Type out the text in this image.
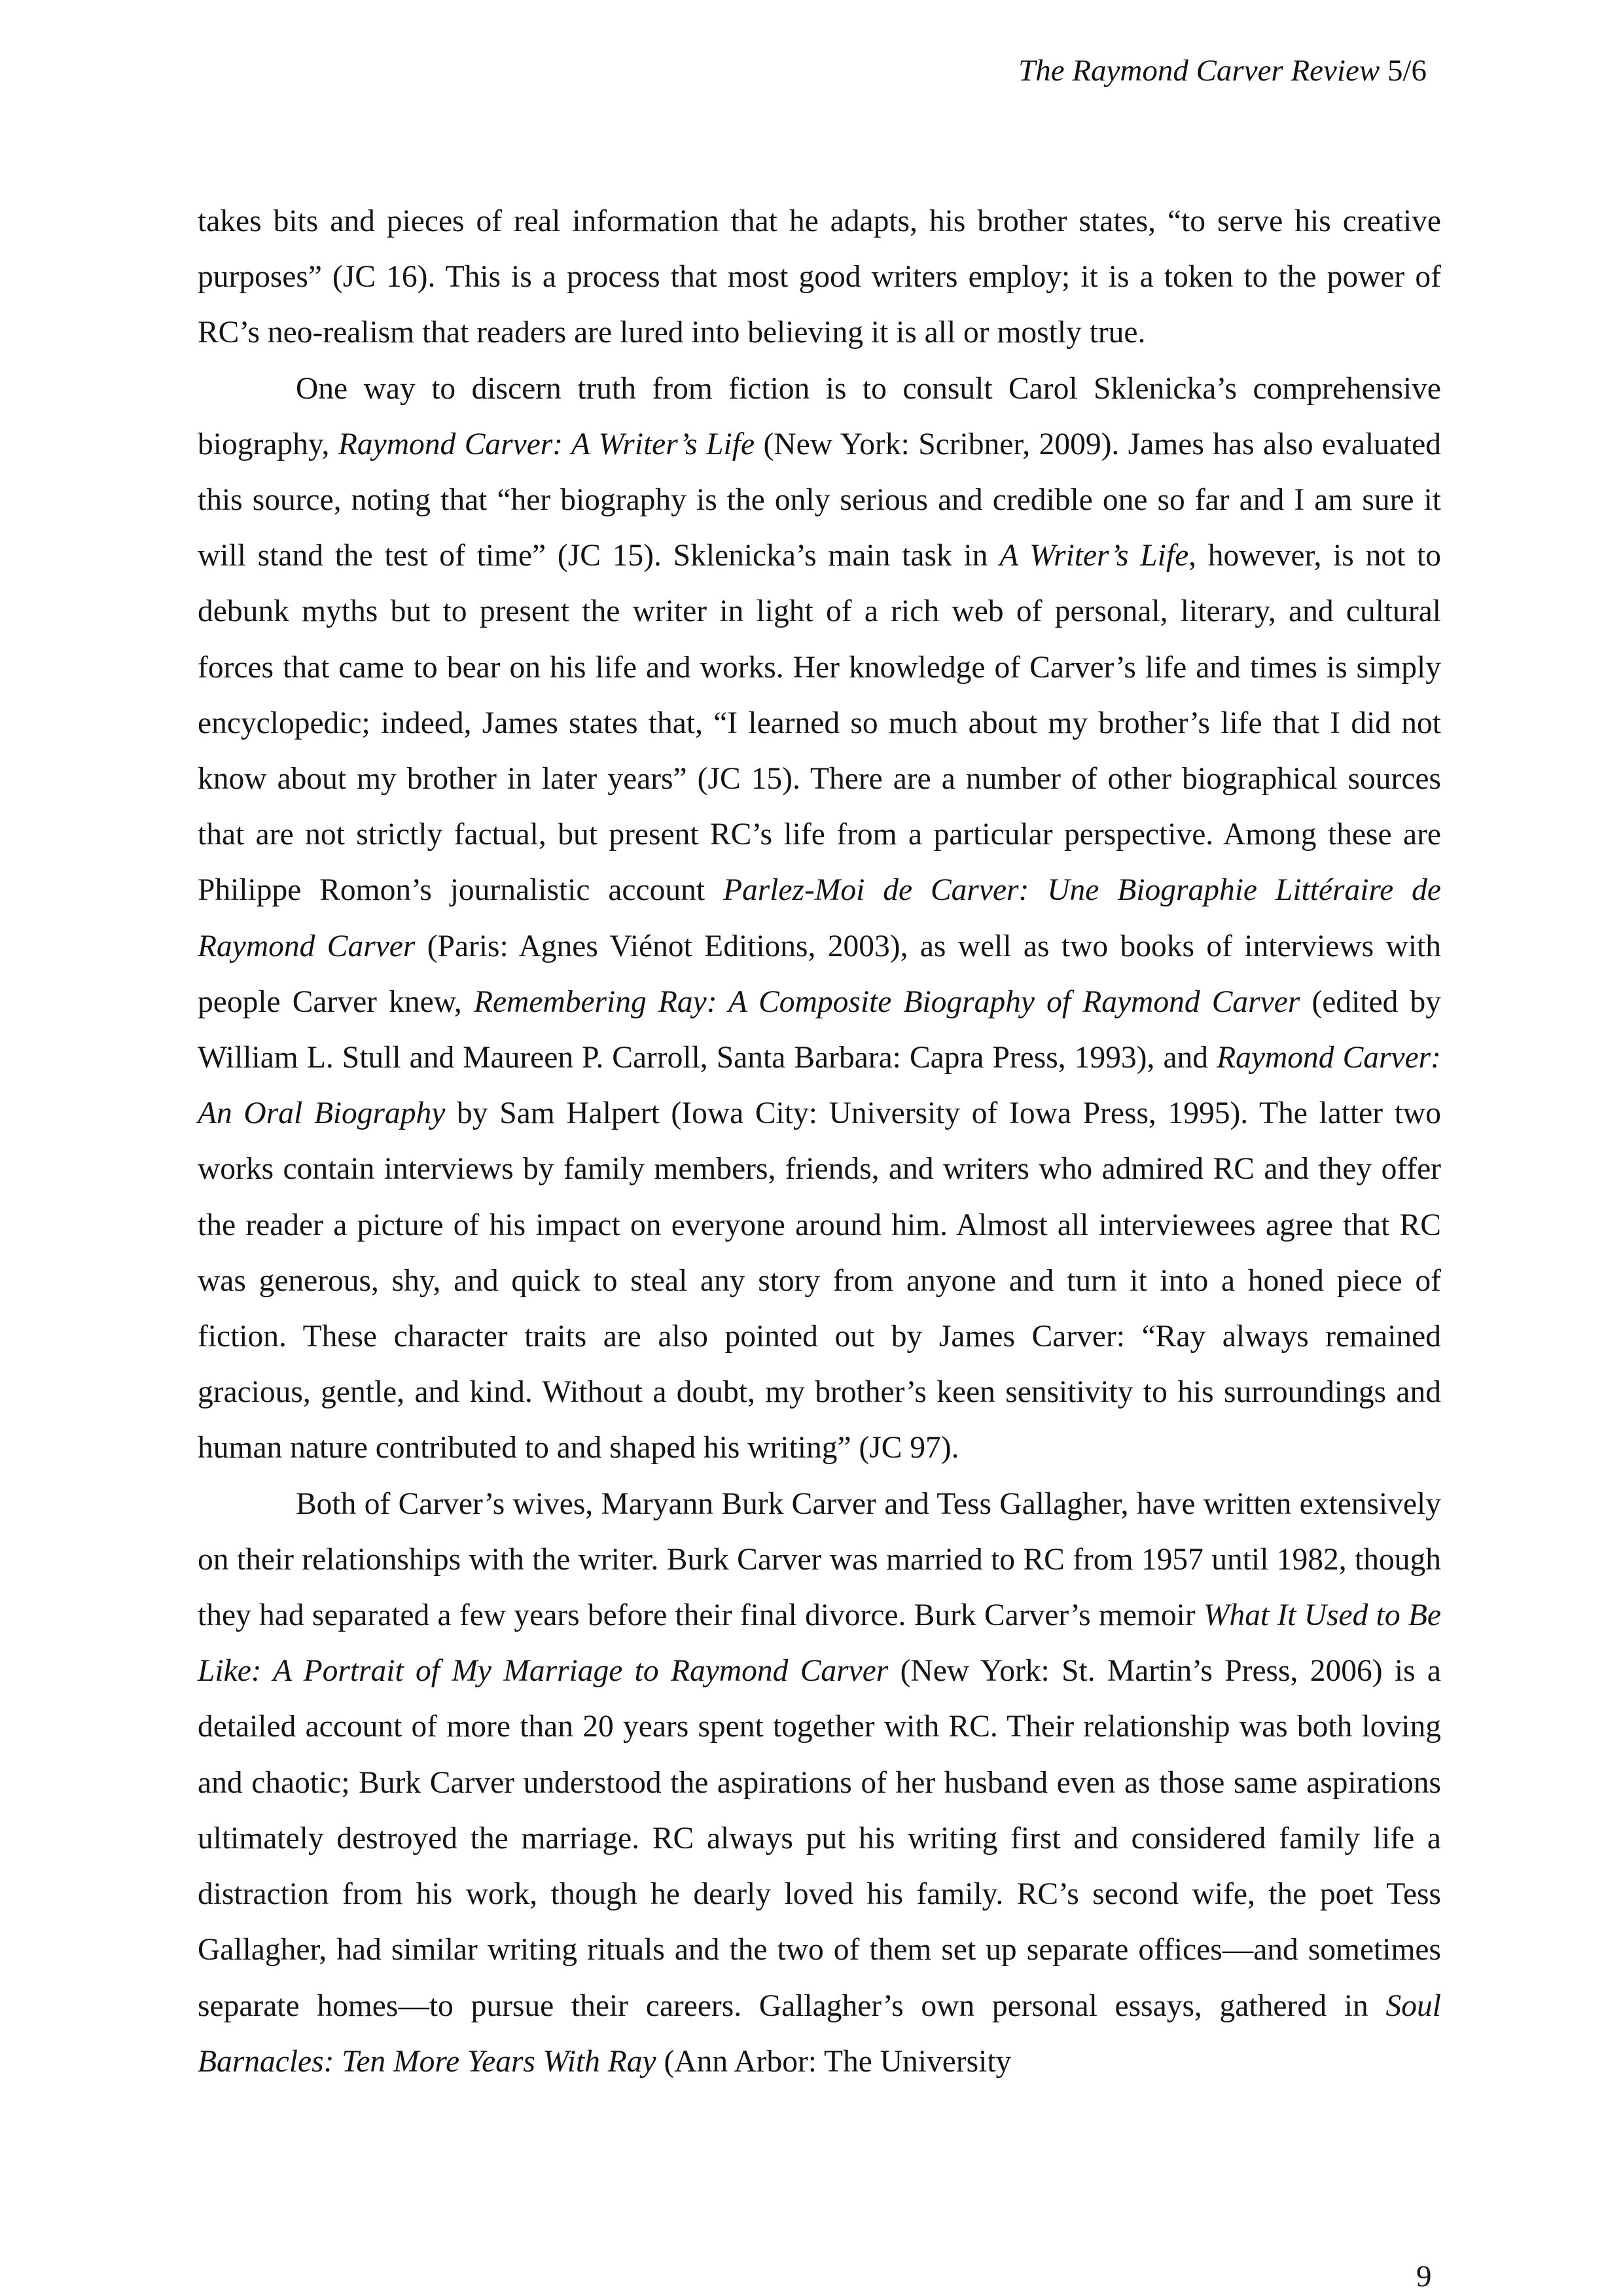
The Raymond Carver Review 5/6

takes bits and pieces of real information that he adapts, his brother states, “to serve his creative purposes” (JC 16). This is a process that most good writers employ; it is a token to the power of RC’s neo-realism that readers are lured into believing it is all or mostly true.

One way to discern truth from fiction is to consult Carol Sklenicka’s comprehensive biography, Raymond Carver: A Writer’s Life (New York: Scribner, 2009). James has also evaluated this source, noting that “her biography is the only serious and credible one so far and I am sure it will stand the test of time” (JC 15). Sklenicka’s main task in A Writer’s Life, however, is not to debunk myths but to present the writer in light of a rich web of personal, literary, and cultural forces that came to bear on his life and works. Her knowledge of Carver’s life and times is simply encyclopedic; indeed, James states that, “I learned so much about my brother’s life that I did not know about my brother in later years” (JC 15). There are a number of other biographical sources that are not strictly factual, but present RC’s life from a particular perspective. Among these are Philippe Romon’s journalistic account Parlez-Moi de Carver: Une Biographie Littéraire de Raymond Carver (Paris: Agnes Viénot Editions, 2003), as well as two books of interviews with people Carver knew, Remembering Ray: A Composite Biography of Raymond Carver (edited by William L. Stull and Maureen P. Carroll, Santa Barbara: Capra Press, 1993), and Raymond Carver: An Oral Biography by Sam Halpert (Iowa City: University of Iowa Press, 1995). The latter two works contain interviews by family members, friends, and writers who admired RC and they offer the reader a picture of his impact on everyone around him. Almost all interviewees agree that RC was generous, shy, and quick to steal any story from anyone and turn it into a honed piece of fiction. These character traits are also pointed out by James Carver: “Ray always remained gracious, gentle, and kind. Without a doubt, my brother’s keen sensitivity to his surroundings and human nature contributed to and shaped his writing” (JC 97).

Both of Carver’s wives, Maryann Burk Carver and Tess Gallagher, have written extensively on their relationships with the writer. Burk Carver was married to RC from 1957 until 1982, though they had separated a few years before their final divorce. Burk Carver’s memoir What It Used to Be Like: A Portrait of My Marriage to Raymond Carver (New York: St. Martin’s Press, 2006) is a detailed account of more than 20 years spent together with RC. Their relationship was both loving and chaotic; Burk Carver understood the aspirations of her husband even as those same aspirations ultimately destroyed the marriage. RC always put his writing first and considered family life a distraction from his work, though he dearly loved his family. RC’s second wife, the poet Tess Gallagher, had similar writing rituals and the two of them set up separate offices—and sometimes separate homes—to pursue their careers. Gallagher’s own personal essays, gathered in Soul Barnacles: Ten More Years With Ray (Ann Arbor: The University

9
